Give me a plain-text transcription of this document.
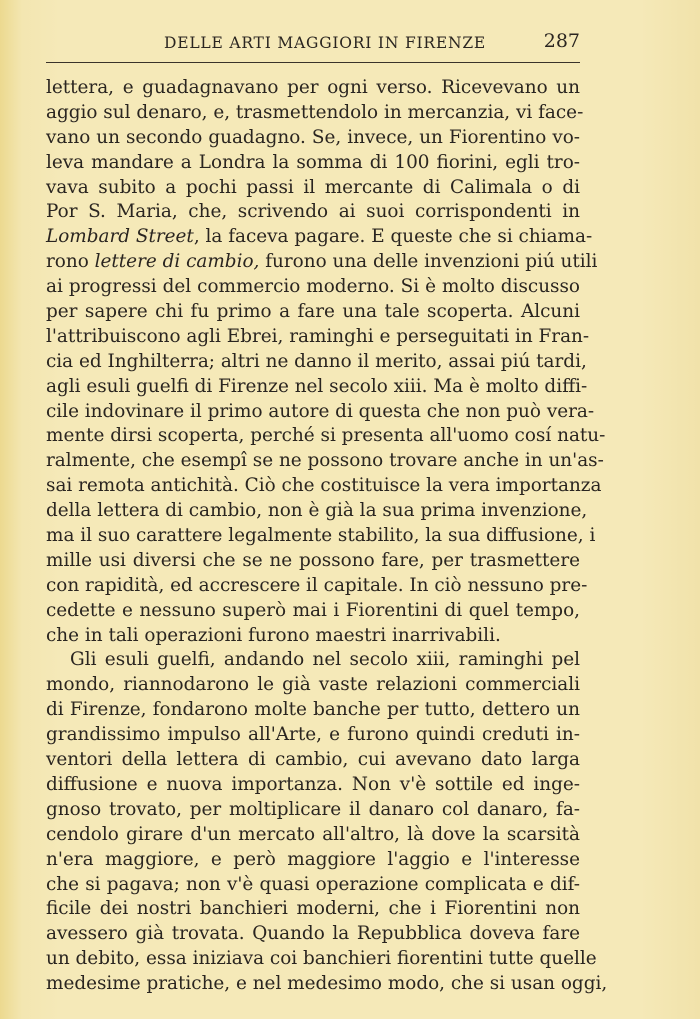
DELLE ARTI MAGGIORI IN FIRENZE	287
lettera, e guadagnavano per ogni verso. Ricevevano un
aggio sul denaro, e, trasmettendolo in mercanzia, vi face-
vano un secondo guadagno. Se, invece, un Fiorentino vo-
leva mandare a Londra la somma di 100 fiorini, egli tro-
vava subito a pochi passi il mercante di Calimala o di
Por S. Maria, che, scrivendo ai suoi corrispondenti in
Lombard Street, la faceva pagare. E queste che si chiama-
rono lettere di cambio, furono una delle invenzioni piú utili
ai progressi del commercio moderno. Si è molto discusso
per sapere chi fu primo a fare una tale scoperta. Alcuni
l'attribuiscono agli Ebrei, raminghi e perseguitati in Fran-
cia ed Inghilterra; altri ne danno il merito, assai piú tardi,
agli esuli guelfi di Firenze nel secolo xiii. Ma è molto diffi-
cile indovinare il primo autore di questa che non può vera-
mente dirsi scoperta, perché si presenta all'uomo cosí natu-
ralmente, che esempî se ne possono trovare anche in un'as-
sai remota antichità. Ciò che costituisce la vera importanza
della lettera di cambio, non è già la sua prima invenzione,
ma il suo carattere legalmente stabilito, la sua diffusione, i
mille usi diversi che se ne possono fare, per trasmettere
con rapidità, ed accrescere il capitale. In ciò nessuno pre-
cedette e nessuno superò mai i Fiorentini di quel tempo,
che in tali operazioni furono maestri inarrivabili.
Gli esuli guelfi, andando nel secolo xiii, raminghi pel
mondo, riannodarono le già vaste relazioni commerciali
di Firenze, fondarono molte banche per tutto, dettero un
grandissimo impulso all'Arte, e furono quindi creduti in-
ventori della lettera di cambio, cui avevano dato larga
diffusione e nuova importanza. Non v'è sottile ed inge-
gnoso trovato, per moltiplicare il danaro col danaro, fa-
cendolo girare d'un mercato all'altro, là dove la scarsità
n'era maggiore, e però maggiore l'aggio e l'interesse
che si pagava; non v'è quasi operazione complicata e dif-
ficile dei nostri banchieri moderni, che i Fiorentini non
avessero già trovata. Quando la Repubblica doveva fare
un debito, essa iniziava coi banchieri fiorentini tutte quelle
medesime pratiche, e nel medesimo modo, che si usan oggi,
